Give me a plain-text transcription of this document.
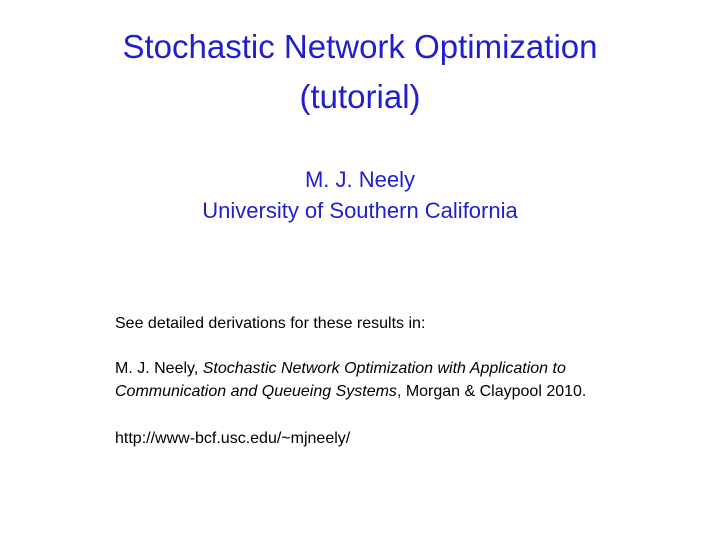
Stochastic Network Optimization
(tutorial)
M. J. Neely
University of Southern California

See detailed derivations for these results in:

M. J. Neely, Stochastic Network Optimization with Application to Communication and Queueing Systems, Morgan & Claypool 2010.

http://www-bcf.usc.edu/~mjneely/
